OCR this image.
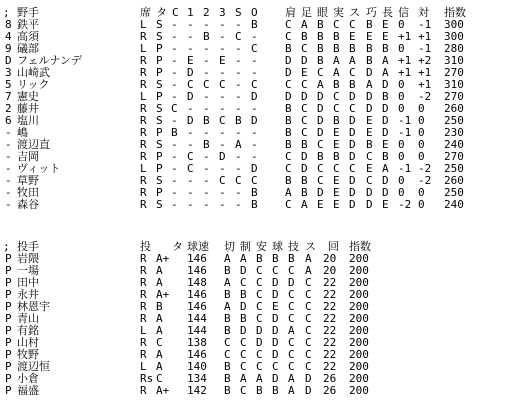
; 野手	席 タ C 1 2 3 S O 肩 足 眼 実 ス 巧 長 信 対 指数
8 鉄平	L S - - - - - B C A B C C B E 0 -1 300
4 高須	R S - - B - C - C B B B E E E +1 +1 300
9 礒部	L P - - - - - C B C B B B B B 0 -1 280
D フェルナンデ	R P - E - E - - D D B A A B A +1 +2 310
3 山崎武	R P - D - - - - D E C A C D A +1 +1 270
5 リック	R S - C C C - C C C A B B A D 0 +1 310
7 憲史	L P - D - - - D D D D C D D B 0 -2 270
2 藤井	R S C - - - - - B C D C C D D 0 0 260
6 塩川	R S - D B C B D B C D B D E D -1 0 250
- 嶋	R P B - - - - - B C D E D E D -1 0 230
- 渡辺直	R S - - B - A - B B C E D B E 0 0 240
- 吉岡	R P - C - D - - C D B B D C B 0 0 270
- ヴィット	L P - C - - - D C D C C C E A -1 -2 250
- 草野	R S - - - C C C B B C E D C D 0 -2 260
- 牧田	R P - - - - - B A B D E D D D 0 0 250
- 森谷	R S - - - - - B C A E E D D E -2 0 240
; 投手	投 タ 球速 切 制 安 球 技 ス 回 指数
P 岩隈	R A+ 146 A A B B B A 20 200
P 一場	R A 146 B D C C C A 20 200
P 田中	R A 148 A C C D D C 22 200
P 永井	R A+ 146 B B C D C C 22 200
P 林恩宇	R B 146 A D C E C C 22 200
P 青山	R A 144 B B C D C C 22 200
P 有銘	L A 144 B D D D A C 22 200
P 山村	R C 138 C C D D C C 22 200
P 牧野	R A 146 C C C D C C 22 200
P 渡辺恒	L A 140 B C C C C C 22 200
P 小倉	Rs C 134 B A A D A D 26 200
P 福盛	R A+ 142 B C B B A D 26 200
